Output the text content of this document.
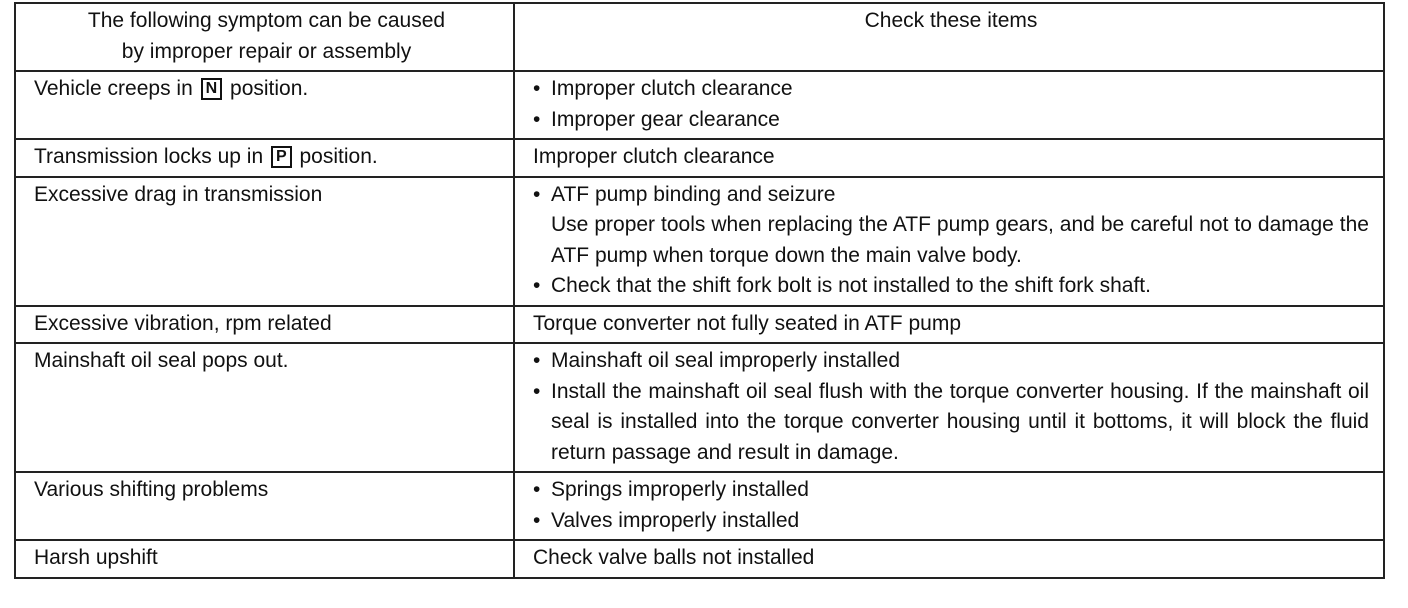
The following symptom can be caused
by improper repair or assembly	Check these items
Vehicle creeps in N position.	• Improper clutch clearance
• Improper gear clearance

Transmission locks up in P position.	Improper clutch clearance

Excessive drag in transmission	• ATF pump binding and seizure
Use proper tools when replacing the ATF pump gears, and be careful not to damage the ATF pump when torque down the main valve body.
• Check that the shift fork bolt is not installed to the shift fork shaft.

Excessive vibration, rpm related	Torque converter not fully seated in ATF pump

Mainshaft oil seal pops out.	• Mainshaft oil seal improperly installed
• Install the mainshaft oil seal flush with the torque converter housing. If the mainshaft oil seal is installed into the torque converter housing until it bottoms, it will block the fluid return passage and result in damage.

Various shifting problems	• Springs improperly installed
• Valves improperly installed

Harsh upshift	Check valve balls not installed
